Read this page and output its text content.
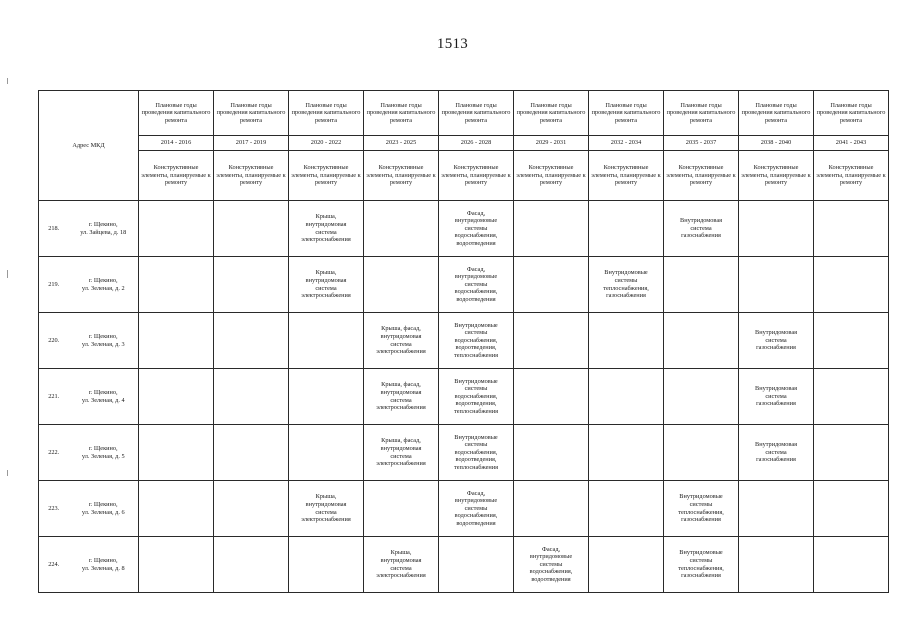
1513
Адрес МКД		Плановые годы проведения капитального ремонта	Плановые годы проведения капитального ремонта	Плановые годы проведения капитального ремонта	Плановые годы проведения капитального ремонта	Плановые годы проведения капитального ремонта	Плановые годы проведения капитального ремонта	Плановые годы проведения капитального ремонта	Плановые годы проведения капитального ремонта	Плановые годы проведения капитального ремонта	Плановые годы проведения капитального ремонта
		2014 - 2016	2017 - 2019	2020 - 2022	2023 - 2025	2026 - 2028	2029 - 2031	2032 - 2034	2035 - 2037	2038 - 2040	2041 - 2043
		Конструктивные элементы, планируемые к ремонту	Конструктивные элементы, планируемые к ремонту	Конструктивные элементы, планируемые к ремонту	Конструктивные элементы, планируемые к ремонту	Конструктивные элементы, планируемые к ремонту	Конструктивные элементы, планируемые к ремонту	Конструктивные элементы, планируемые к ремонту	Конструктивные элементы, планируемые к ремонту	Конструктивные элементы, планируемые к ремонту	Конструктивные элементы, планируемые к ремонту
218.	г. Щекино,
ул. Зайцева, д. 18			Крыша,
внутридомовая
система
электроснабжения		Фасад,
внутридомовые
системы
водоснабжения,
водоотведения			Внутридомовая
система
газоснабжения		
219.	г. Щекино,
ул. Зеленая, д. 2			Крыша,
внутридомовая
система
электроснабжения		Фасад,
внутридомовые
системы
водоснабжения,
водоотведения		Внутридомовые
системы
теплоснабжения,
газоснабжения			
220.	г. Щекино,
ул. Зеленая, д. 3				Крыша, фасад,
внутридомовая
система
электроснабжения	Внутридомовые
системы
водоснабжения,
водоотведения,
теплоснабжения				Внутридомовая
система
газоснабжения	
221.	г. Щекино,
ул. Зеленая, д. 4				Крыша, фасад,
внутридомовая
система
электроснабжения	Внутридомовые
системы
водоснабжения,
водоотведения,
теплоснабжения				Внутридомовая
система
газоснабжения	
222.	г. Щекино,
ул. Зеленая, д. 5				Крыша, фасад,
внутридомовая
система
электроснабжения	Внутридомовые
системы
водоснабжения,
водоотведения,
теплоснабжения				Внутридомовая
система
газоснабжения	
223.	г. Щекино,
ул. Зеленая, д. 6			Крыша,
внутридомовая
система
электроснабжения		Фасад,
внутридомовые
системы
водоснабжения,
водоотведения			Внутридомовые
системы
теплоснабжения,
газоснабжения		
224.	г. Щекино,
ул. Зеленая, д. 8				Крыша,
внутридомовая
система
электроснабжения		Фасад,
внутридомовые
системы
водоснабжения,
водоотведения		Внутридомовые
системы
теплоснабжения,
газоснабжения		
